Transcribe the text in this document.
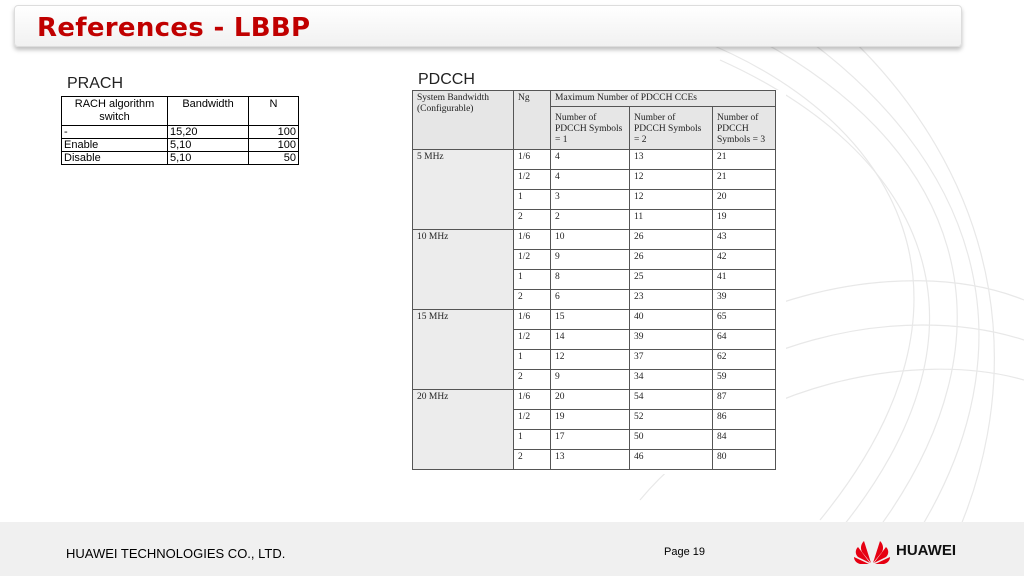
References - LBBP
PRACH	PDCCH
RACH algorithm switch	Bandwidth	N
-	15,20	100
Enable	5,10	100
Disable	5,10	50
System Bandwidth (Configurable)	Ng	Maximum Number of PDCCH CCEs		
		Number of PDCCH Symbols = 1	Number of PDCCH Symbols = 2	Number of PDCCH Symbols = 3
5 MHz	1/6	4	13	21
	1/2	4	12	21
	1	3	12	20
	2	2	11	19
10 MHz	1/6	10	26	43
	1/2	9	26	42
	1	8	25	41
	2	6	23	39
15 MHz	1/6	15	40	65
	1/2	14	39	64
	1	12	37	62
	2	9	34	59
20 MHz	1/6	20	54	87
	1/2	19	52	86
	1	17	50	84
	2	13	46	80
HUAWEI TECHNOLOGIES CO., LTD.	Page 19	HUAWEI
